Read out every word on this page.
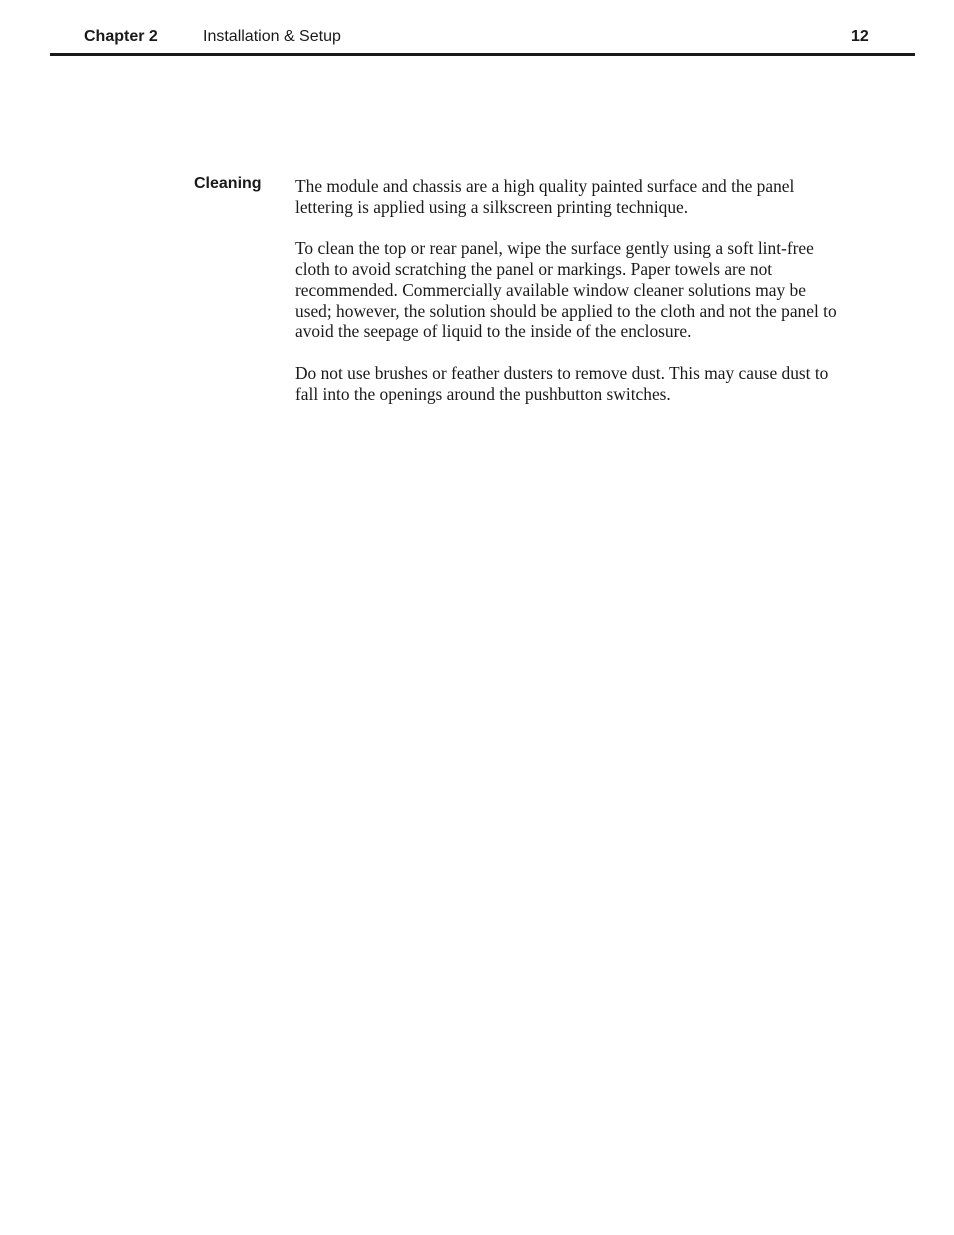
Chapter 2	Installation & Setup	12
Cleaning The module and chassis are a high quality painted surface and the panel
lettering is applied using a silkscreen printing technique.

To clean the top or rear panel, wipe the surface gently using a soft lint-free
cloth to avoid scratching the panel or markings. Paper towels are not
recommended. Commercially available window cleaner solutions may be
used; however, the solution should be applied to the cloth and not the panel to
avoid the seepage of liquid to the inside of the enclosure.

Do not use brushes or feather dusters to remove dust. This may cause dust to
fall into the openings around the pushbutton switches.
